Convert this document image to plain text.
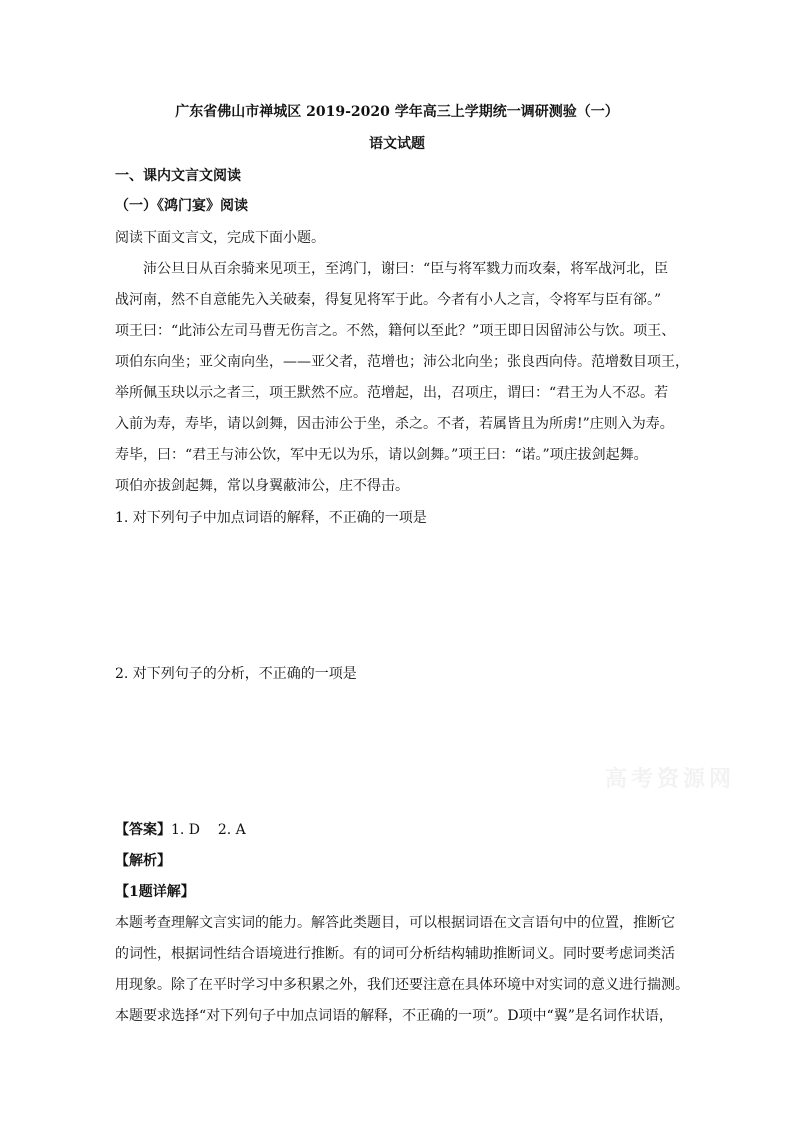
广东省佛山市禅城区 2019-2020 学年高三上学期统一调研测验（一）
语文试题
一、课内文言文阅读
（一）《鸿门宴》阅读
阅读下面文言文，完成下面小题。
沛公旦日从百余骑来见项王，至鸿门，谢曰：“臣与将军戮力而攻秦，将军战河北，臣
战河南，然不自意能先入关破秦，得复见将军于此。今者有小人之言，令将军与臣有郤。”
项王曰：“此沛公左司马曹无伤言之。不然，籍何以至此？”项王即日因留沛公与饮。项王、
项伯东向坐；亚父南向坐，——亚父者，范增也；沛公北向坐；张良西向侍。范增数目项王，
举所佩玉玦以示之者三，项王默然不应。范增起，出，召项庄，谓曰：“君王为人不忍。若
入前为寿，寿毕，请以剑舞，因击沛公于坐，杀之。不者，若属皆且为所虏!”庄则入为寿。
寿毕，曰：“君王与沛公饮，军中无以为乐，请以剑舞。”项王曰：“诺。”项庄拔剑起舞。
项伯亦拔剑起舞，常以身翼蔽沛公，庄不得击。
1. 对下列句子中加点词语的解释，不正确的一项是
2. 对下列句子的分析，不正确的一项是
【答案】1. D    2. A
【解析】
【1题详解】
本题考查理解文言实词的能力。解答此类题目，可以根据词语在文言语句中的位置，推断它
的词性，根据词性结合语境进行推断。有的词可分析结构辅助推断词义。同时要考虑词类活
用现象。除了在平时学习中多积累之外，我们还要注意在具体环境中对实词的意义进行揣测。
本题要求选择“对下列句子中加点词语的解释，不正确的一项”。D项中“翼”是名词作状语，
高考资源网
